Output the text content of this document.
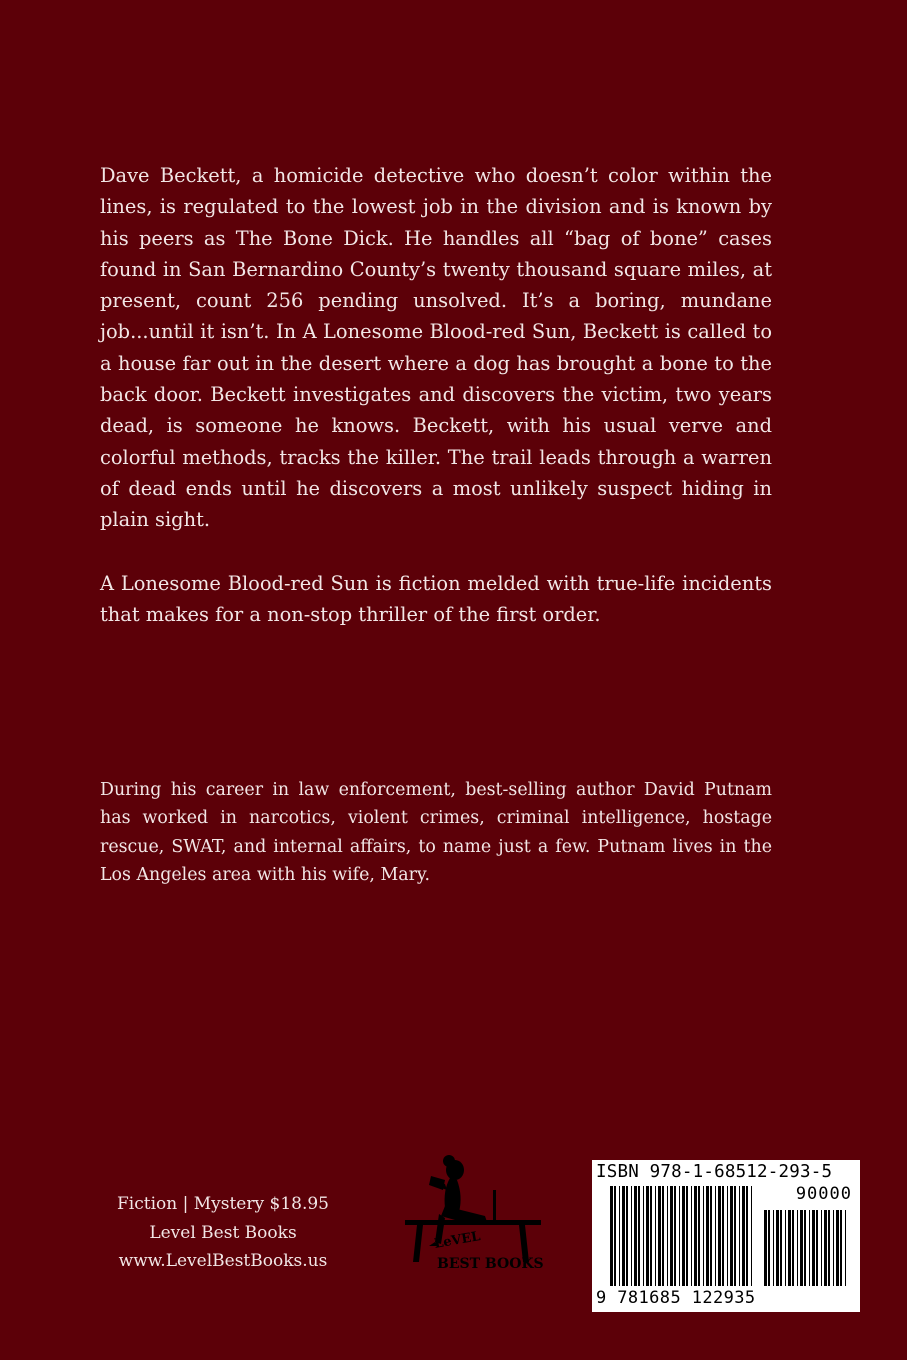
Dave Beckett, a homicide detective who doesn’t color within the lines, is regulated to the lowest job in the division and is known by his peers as The Bone Dick. He handles all “bag of bone” cases found in San Bernardino County’s twenty thousand square miles, at present, count 256 pending unsolved. It’s a boring, mundane job...until it isn’t. In A Lonesome Blood-red Sun, Beckett is called to a house far out in the desert where a dog has brought a bone to the back door. Beckett investigates and discovers the victim, two years dead, is someone he knows. Beckett, with his usual verve and colorful methods, tracks the killer. The trail leads through a warren of dead ends until he discovers a most unlikely suspect hiding in plain sight.

A Lonesome Blood-red Sun is fiction melded with true-life incidents that makes for a non-stop thriller of the first order.

During his career in law enforcement, best-selling author David Putnam has worked in narcotics, violent crimes, criminal intelligence, hostage rescue, SWAT, and internal affairs, to name just a few. Putnam lives in the Los Angeles area with his wife, Mary.

Fiction | Mystery $18.95
Level Best Books
www.LevelBestBooks.us
LeVEL
BEST BOOKS
ISBN 978-1-68512-293-5
90000
9 781685 122935
